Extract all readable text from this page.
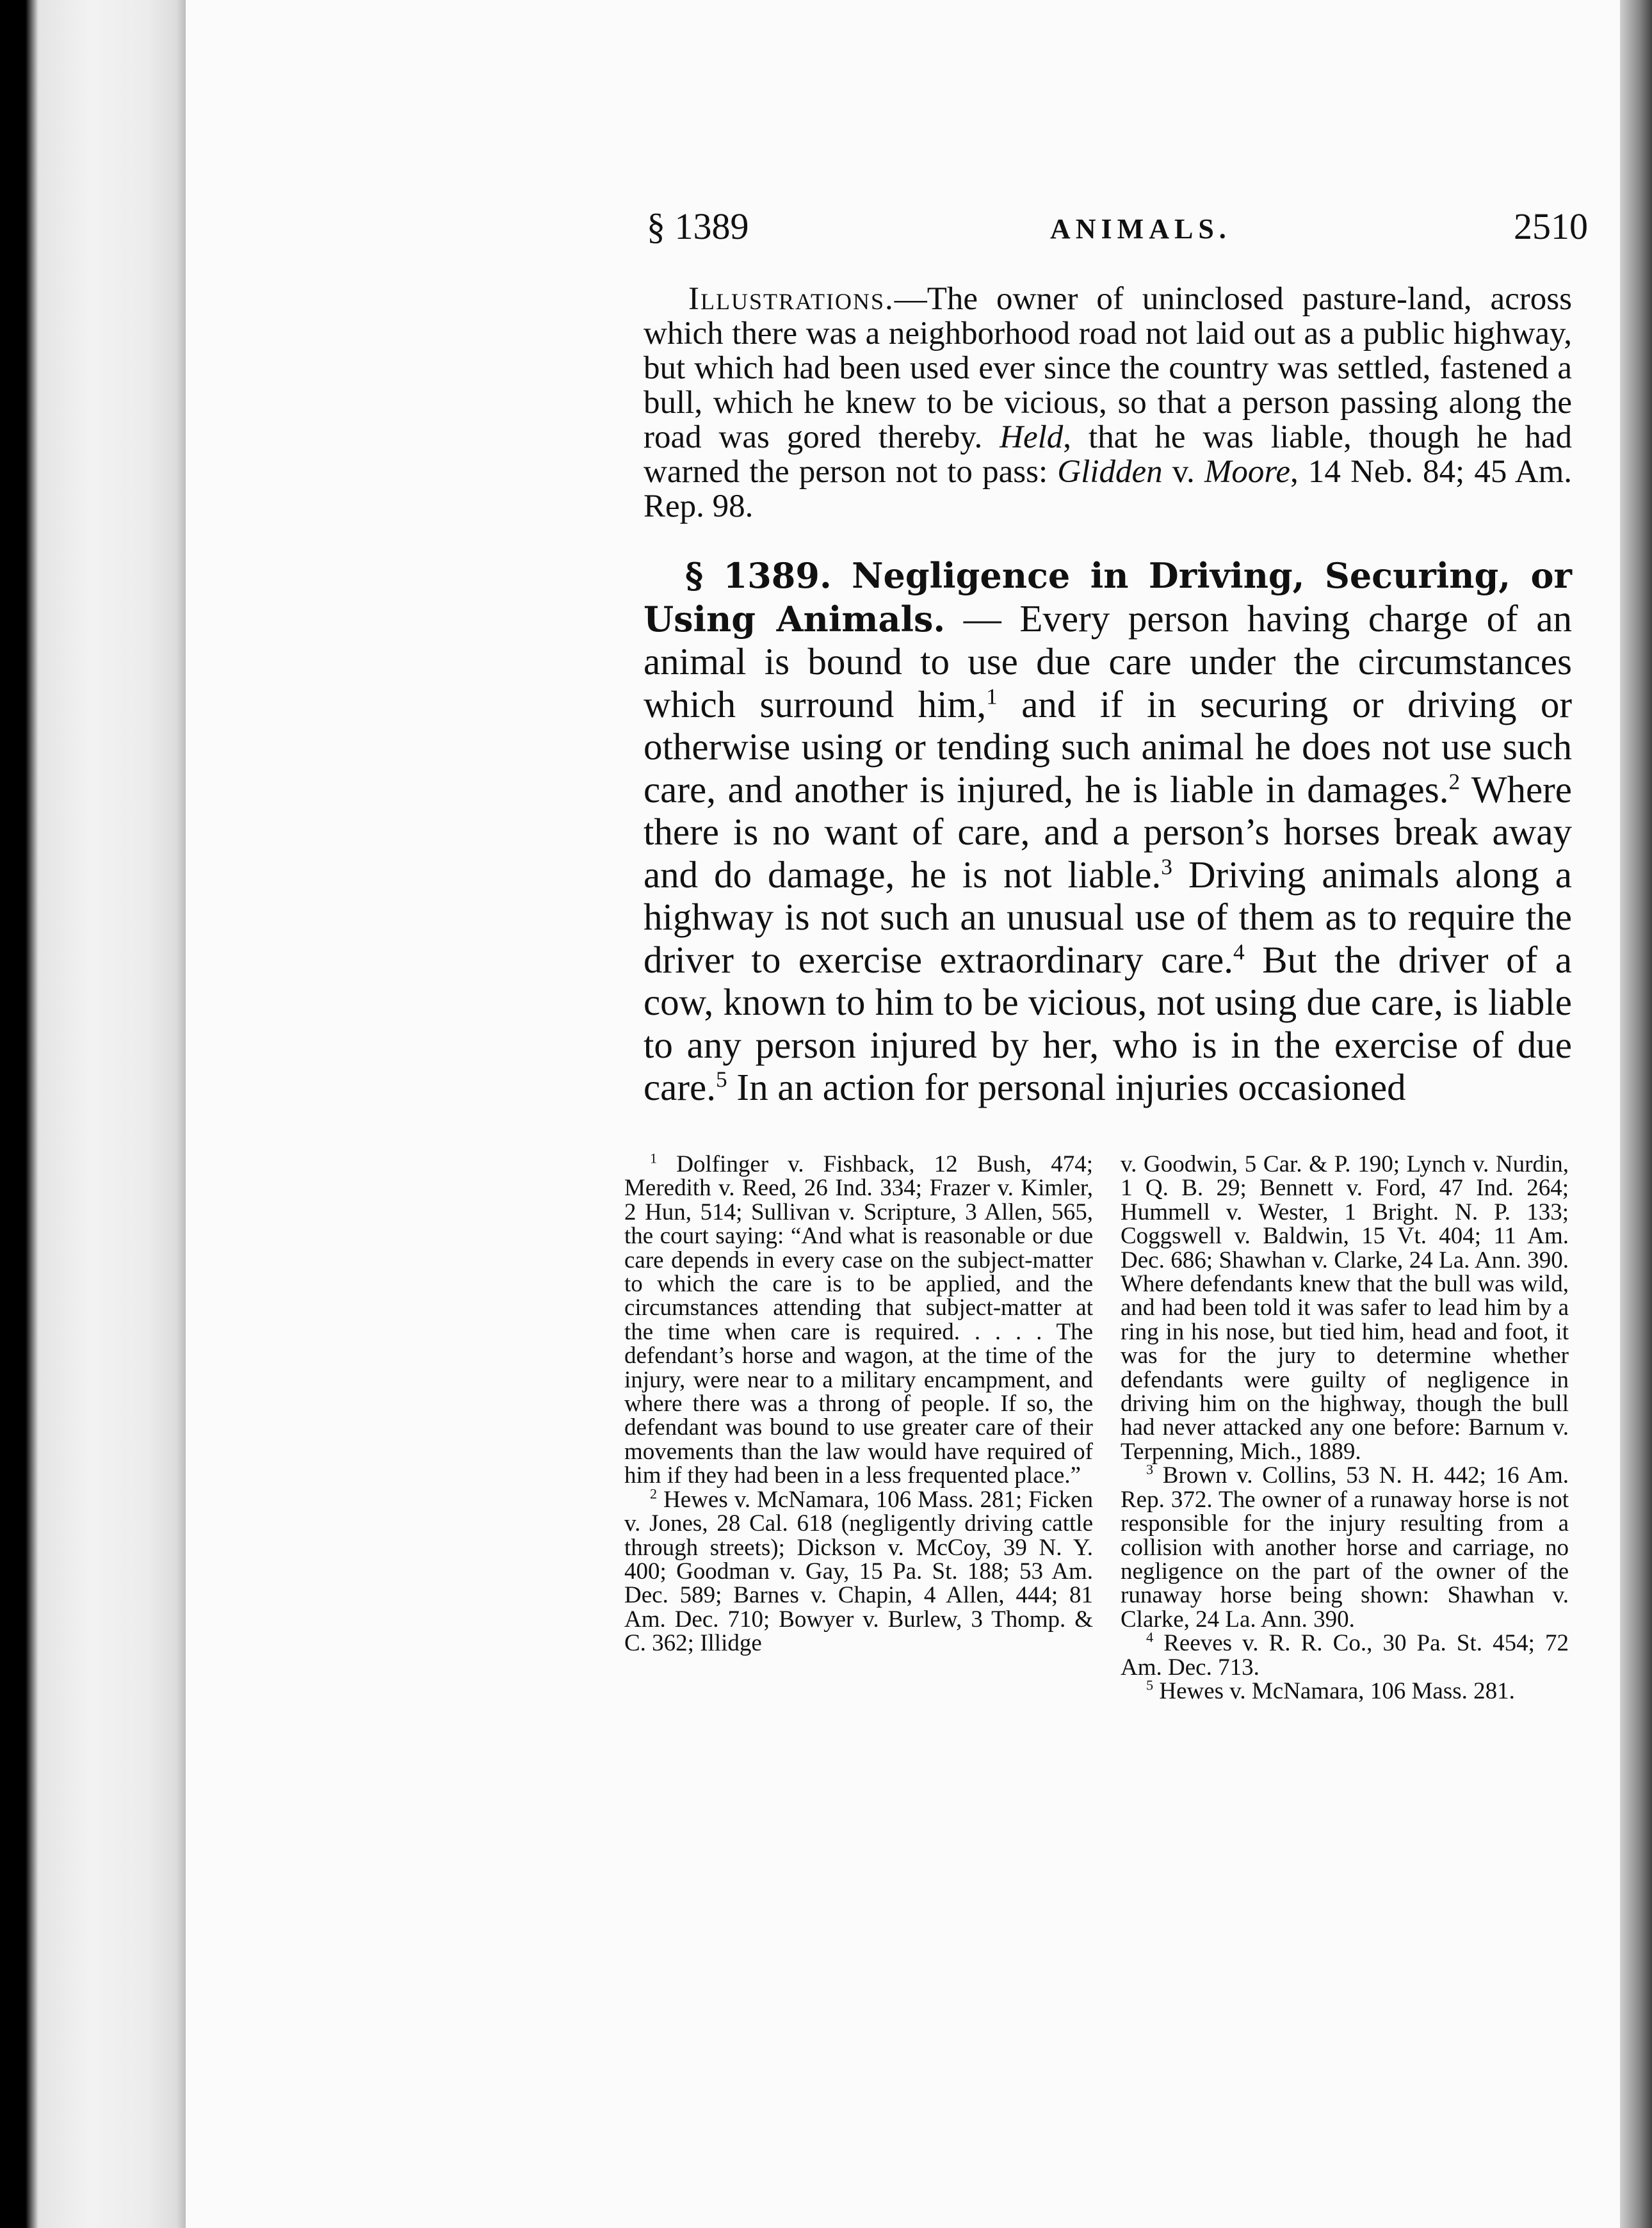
§ 1389	ANIMALS.	2510

Illustrations.—The owner of uninclosed pasture-land, across which there was a neighborhood road not laid out as a public highway, but which had been used ever since the country was settled, fastened a bull, which he knew to be vicious, so that a person passing along the road was gored thereby. Held, that he was liable, though he had warned the person not to pass: Glidden v. Moore, 14 Neb. 84; 45 Am. Rep. 98.

§ 1389. Negligence in Driving, Securing, or Using Animals. — Every person having charge of an animal is bound to use due care under the circumstances which surround him,$^1$ and if in securing or driving or otherwise using or tending such animal he does not use such care, and another is injured, he is liable in damages.$^2$ Where there is no want of care, and a person’s horses break away and do damage, he is not liable.$^3$ Driving animals along a highway is not such an unusual use of them as to require the driver to exercise extraordinary care.$^4$ But the driver of a cow, known to him to be vicious, not using due care, is liable to any person injured by her, who is in the exercise of due care.$^5$ In an action for personal injuries occasioned

$^1$ Dolfinger v. Fishback, 12 Bush, 474; Meredith v. Reed, 26 Ind. 334; Frazer v. Kimler, 2 Hun, 514; Sullivan v. Scripture, 3 Allen, 565, the court saying: “And what is reasonable or due care depends in every case on the subject-matter to which the care is to be applied, and the circumstances attending that subject-matter at the time when care is required. . . . . The defendant’s horse and wagon, at the time of the injury, were near to a military encampment, and where there was a throng of people. If so, the defendant was bound to use greater care of their movements than the law would have required of him if they had been in a less frequented place.”

$^2$ Hewes v. McNamara, 106 Mass. 281; Ficken v. Jones, 28 Cal. 618 (negligently driving cattle through streets); Dickson v. McCoy, 39 N. Y. 400; Goodman v. Gay, 15 Pa. St. 188; 53 Am. Dec. 589; Barnes v. Chapin, 4 Allen, 444; 81 Am. Dec. 710; Bowyer v. Burlew, 3 Thomp. & C. 362; Illidge

v. Goodwin, 5 Car. & P. 190; Lynch v. Nurdin, 1 Q. B. 29; Bennett v. Ford, 47 Ind. 264; Hummell v. Wester, 1 Bright. N. P. 133; Coggswell v. Baldwin, 15 Vt. 404; 11 Am. Dec. 686; Shawhan v. Clarke, 24 La. Ann. 390. Where defendants knew that the bull was wild, and had been told it was safer to lead him by a ring in his nose, but tied him, head and foot, it was for the jury to determine whether defendants were guilty of negligence in driving him on the highway, though the bull had never attacked any one before: Barnum v. Terpenning, Mich., 1889.

$^3$ Brown v. Collins, 53 N. H. 442; 16 Am. Rep. 372. The owner of a runaway horse is not responsible for the injury resulting from a collision with another horse and carriage, no negligence on the part of the owner of the runaway horse being shown: Shawhan v. Clarke, 24 La. Ann. 390.

$^4$ Reeves v. R. R. Co., 30 Pa. St. 454; 72 Am. Dec. 713.

$^5$ Hewes v. McNamara, 106 Mass. 281.
